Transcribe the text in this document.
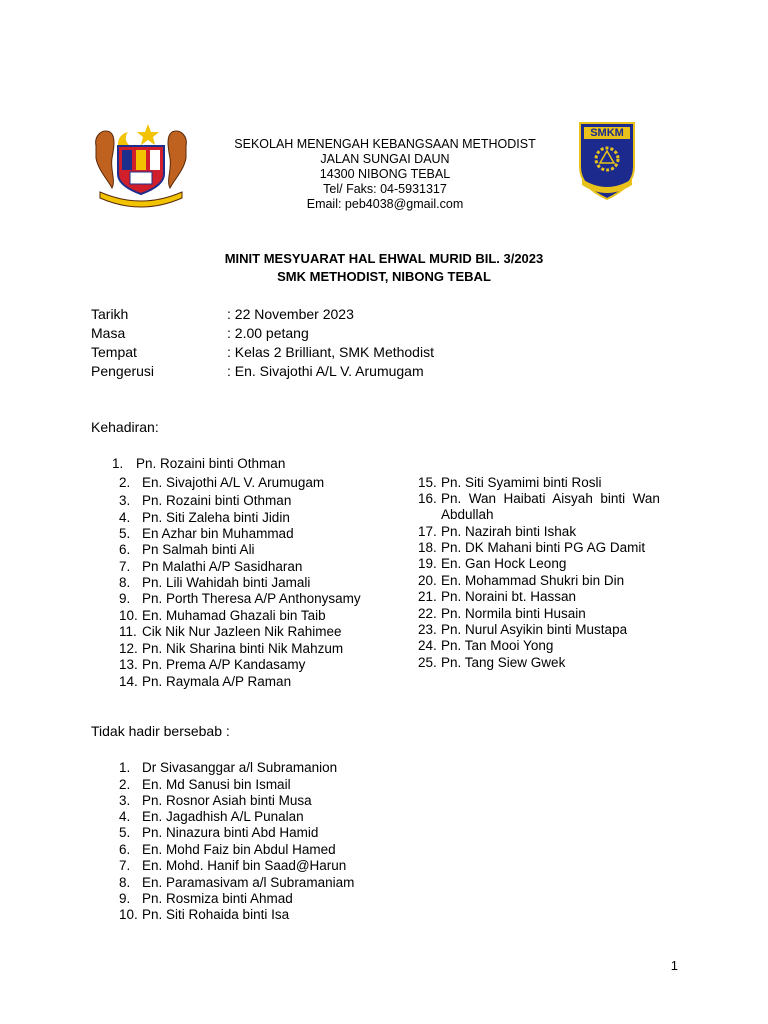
SEKOLAH MENENGAH KEBANGSAAN METHODIST
JALAN SUNGAI DAUN
14300 NIBONG TEBAL
Tel/ Faks: 04-5931317
Email: peb4038@gmail.com
SMKM
MINIT MESYUARAT HAL EHWAL MURID BIL. 3/2023
SMK METHODIST, NIBONG TEBAL
Tarikh	: 22 November 2023
Masa	: 2.00 petang
Tempat	: Kelas 2 Brilliant, SMK Methodist
Pengerusi	: En. Sivajothi A/L V. Arumugam
Kehadiran:
1. Pn. Rozaini binti Othman
2. En. Sivajothi A/L V. Arumugam
3. Pn. Rozaini binti Othman
4. Pn. Siti Zaleha binti Jidin
5. En Azhar bin Muhammad
6. Pn Salmah binti Ali
7. Pn Malathi A/P Sasidharan
8. Pn. Lili Wahidah binti Jamali
9. Pn. Porth Theresa A/P Anthonysamy
10. En. Muhamad Ghazali bin Taib
11. Cik Nik Nur Jazleen Nik Rahimee
12. Pn. Nik Sharina binti Nik Mahzum
13. Pn. Prema A/P Kandasamy
14. Pn. Raymala A/P Raman
15. Pn. Siti Syamimi binti Rosli
16. Pn.  Wan  Haibati  Aisyah  binti  Wan
Abdullah
17. Pn. Nazirah binti Ishak
18. Pn. DK Mahani binti PG AG Damit
19. En. Gan Hock Leong
20. En. Mohammad Shukri bin Din
21. Pn. Noraini bt. Hassan
22. Pn. Normila binti Husain
23. Pn. Nurul Asyikin binti Mustapa
24. Pn. Tan Mooi Yong
25. Pn. Tang Siew Gwek
Tidak hadir bersebab :
1. Dr Sivasanggar a/l Subramanion
2. En. Md Sanusi bin Ismail
3. Pn. Rosnor Asiah binti Musa
4. En. Jagadhish A/L Punalan
5. Pn. Ninazura binti Abd Hamid
6. En. Mohd Faiz bin Abdul Hamed
7. En. Mohd. Hanif bin Saad@Harun
8. En. Paramasivam a/l Subramaniam
9. Pn. Rosmiza binti Ahmad
10. Pn. Siti Rohaida binti Isa
1
